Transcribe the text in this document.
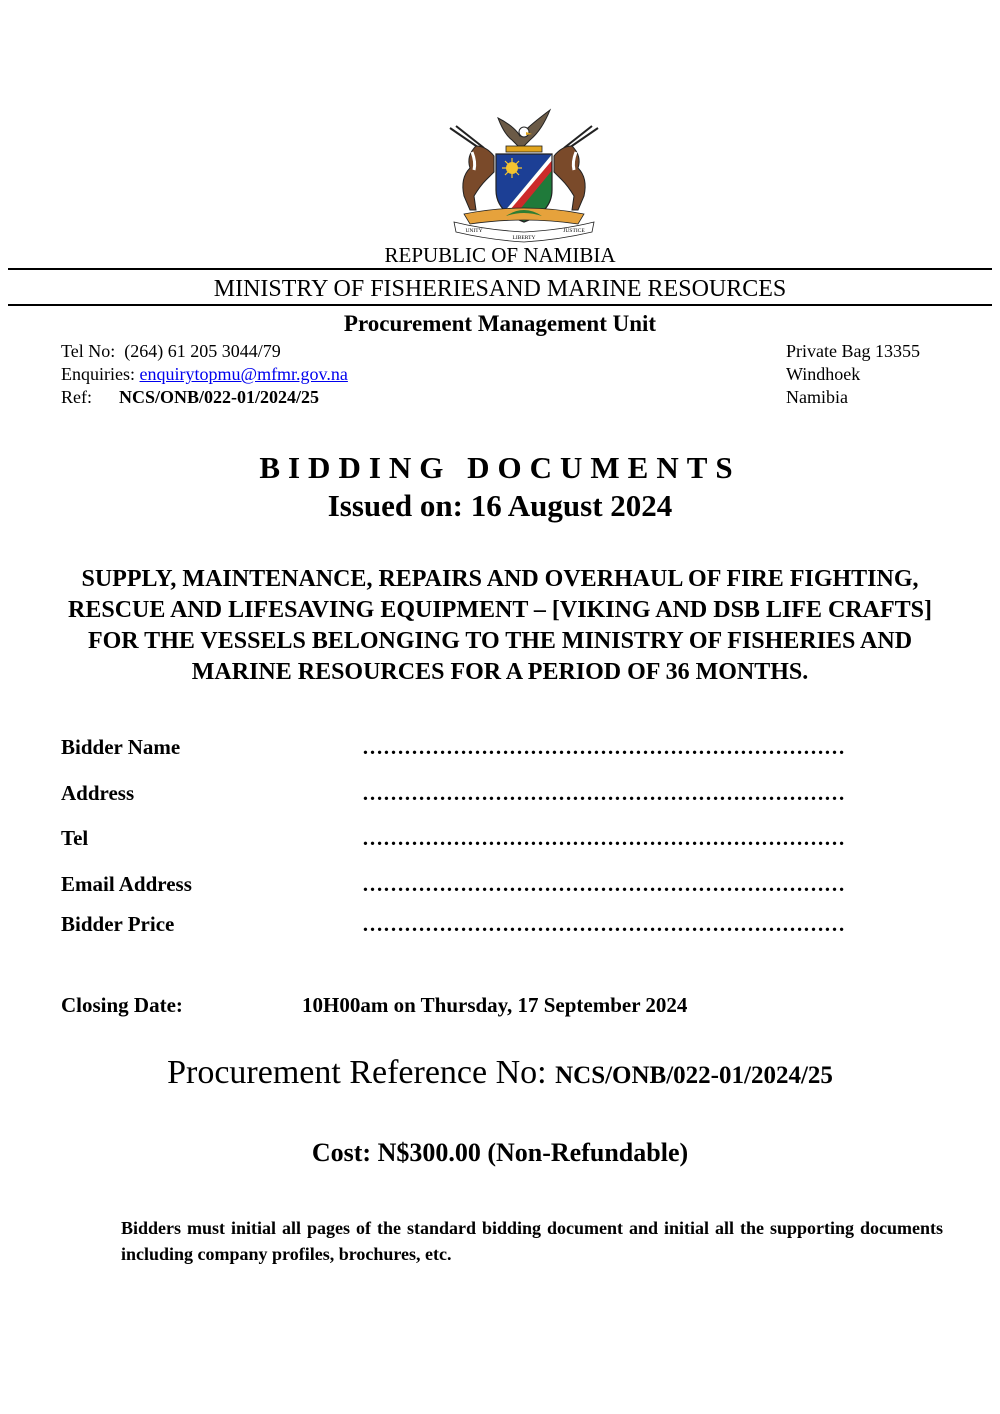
UNITY
LIBERTY
JUSTICE
REPUBLIC OF NAMIBIA
MINISTRY OF FISHERIESAND MARINE RESOURCES
Procurement Management Unit
Tel No: (264) 61 205 3044/79
Enquiries: enquirytopmu@mfmr.gov.na
Ref: NCS/ONB/022-01/2024/25
Private Bag 13355
Windhoek
Namibia
BIDDING DOCUMENTS
Issued on: 16 August 2024
SUPPLY, MAINTENANCE, REPAIRS AND OVERHAUL OF FIRE FIGHTING, RESCUE AND LIFESAVING EQUIPMENT – [VIKING AND DSB LIFE CRAFTS] FOR THE VESSELS BELONGING TO THE MINISTRY OF FISHERIES AND MARINE RESOURCES FOR A PERIOD OF 36 MONTHS.
Bidder Name	……………………………………………………………
Address	……………………………………………………………
Tel	……………………………………………………………
Email Address	……………………………………………………………
Bidder Price	……………………………………………………………
Closing Date:	10H00am on Thursday, 17 September 2024
Procurement Reference No: NCS/ONB/022-01/2024/25
Cost: N$300.00 (Non-Refundable)
Bidders must initial all pages of the standard bidding document and initial all the supporting documents including company profiles, brochures, etc.
